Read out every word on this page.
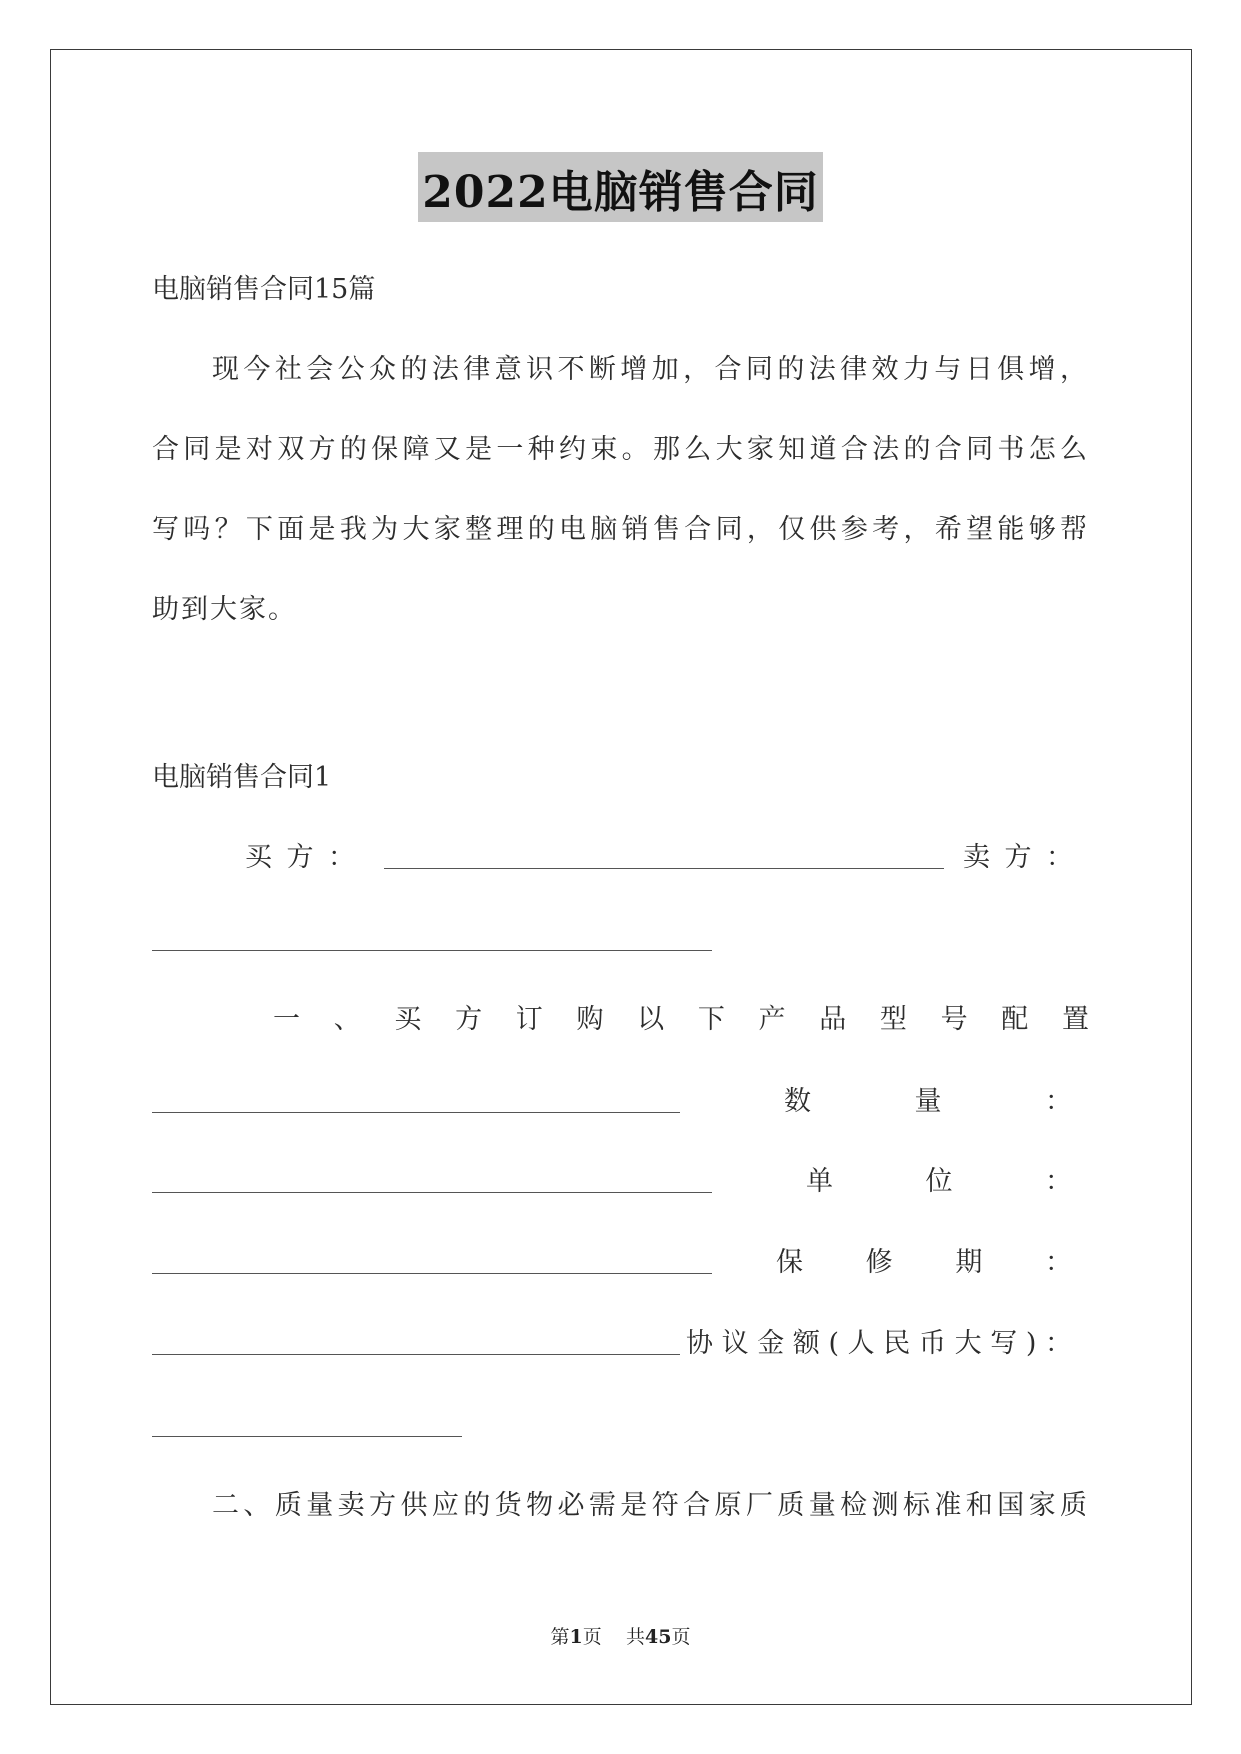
2022电脑销售合同
电脑销售合同15篇
现今社会公众的法律意识不断增加，合同的法律效力与日俱增，
合同是对双方的保障又是一种约束。那么大家知道合法的合同书怎么
写吗？下面是我为大家整理的电脑销售合同，仅供参考，希望能够帮
助到大家。
电脑销售合同1
买方：	卖方：
一、买方订购以下产品型号配置
数量：
单位：
保修期：
协议金额(人民币大写)：
二、质量卖方供应的货物必需是符合原厂质量检测标准和国家质
第1页 共45页
